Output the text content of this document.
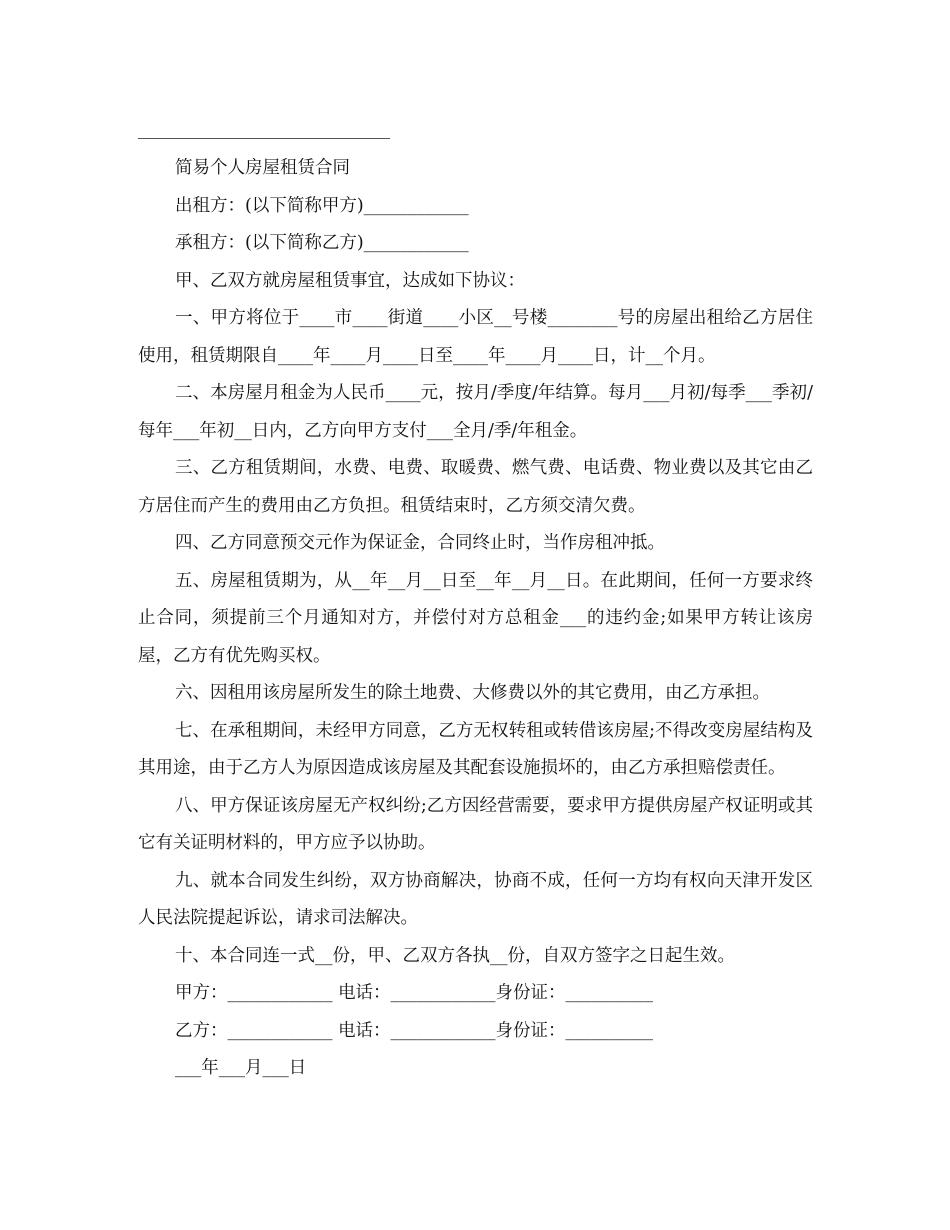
简易个人房屋租赁合同

出租方：(以下简称甲方)____________

承租方：(以下简称乙方)____________

甲、乙双方就房屋租赁事宜，达成如下协议：

一、甲方将位于____市____街道____小区__号楼________号的房屋出租给乙方居住使用，租赁期限自____年____月____日至____年____月____日，计__个月。

二、本房屋月租金为人民币____元，按月/季度/年结算。每月___月初/每季___季初/每年___年初__日内，乙方向甲方支付___全月/季/年租金。

三、乙方租赁期间，水费、电费、取暖费、燃气费、电话费、物业费以及其它由乙方居住而产生的费用由乙方负担。租赁结束时，乙方须交清欠费。

四、乙方同意预交元作为保证金，合同终止时，当作房租冲抵。

五、房屋租赁期为，从__年__月__日至__年__月__日。在此期间，任何一方要求终止合同，须提前三个月通知对方，并偿付对方总租金___的违约金;如果甲方转让该房屋，乙方有优先购买权。

六、因租用该房屋所发生的除土地费、大修费以外的其它费用，由乙方承担。

七、在承租期间，未经甲方同意，乙方无权转租或转借该房屋;不得改变房屋结构及其用途，由于乙方人为原因造成该房屋及其配套设施损坏的，由乙方承担赔偿责任。

八、甲方保证该房屋无产权纠纷;乙方因经营需要，要求甲方提供房屋产权证明或其它有关证明材料的，甲方应予以协助。

九、就本合同发生纠纷，双方协商解决，协商不成，任何一方均有权向天津开发区人民法院提起诉讼，请求司法解决。

十、本合同连一式__份，甲、乙双方各执__份，自双方签字之日起生效。

甲方：____________ 电话：____________身份证：__________

乙方：____________ 电话：____________身份证：__________

___年___月___日
